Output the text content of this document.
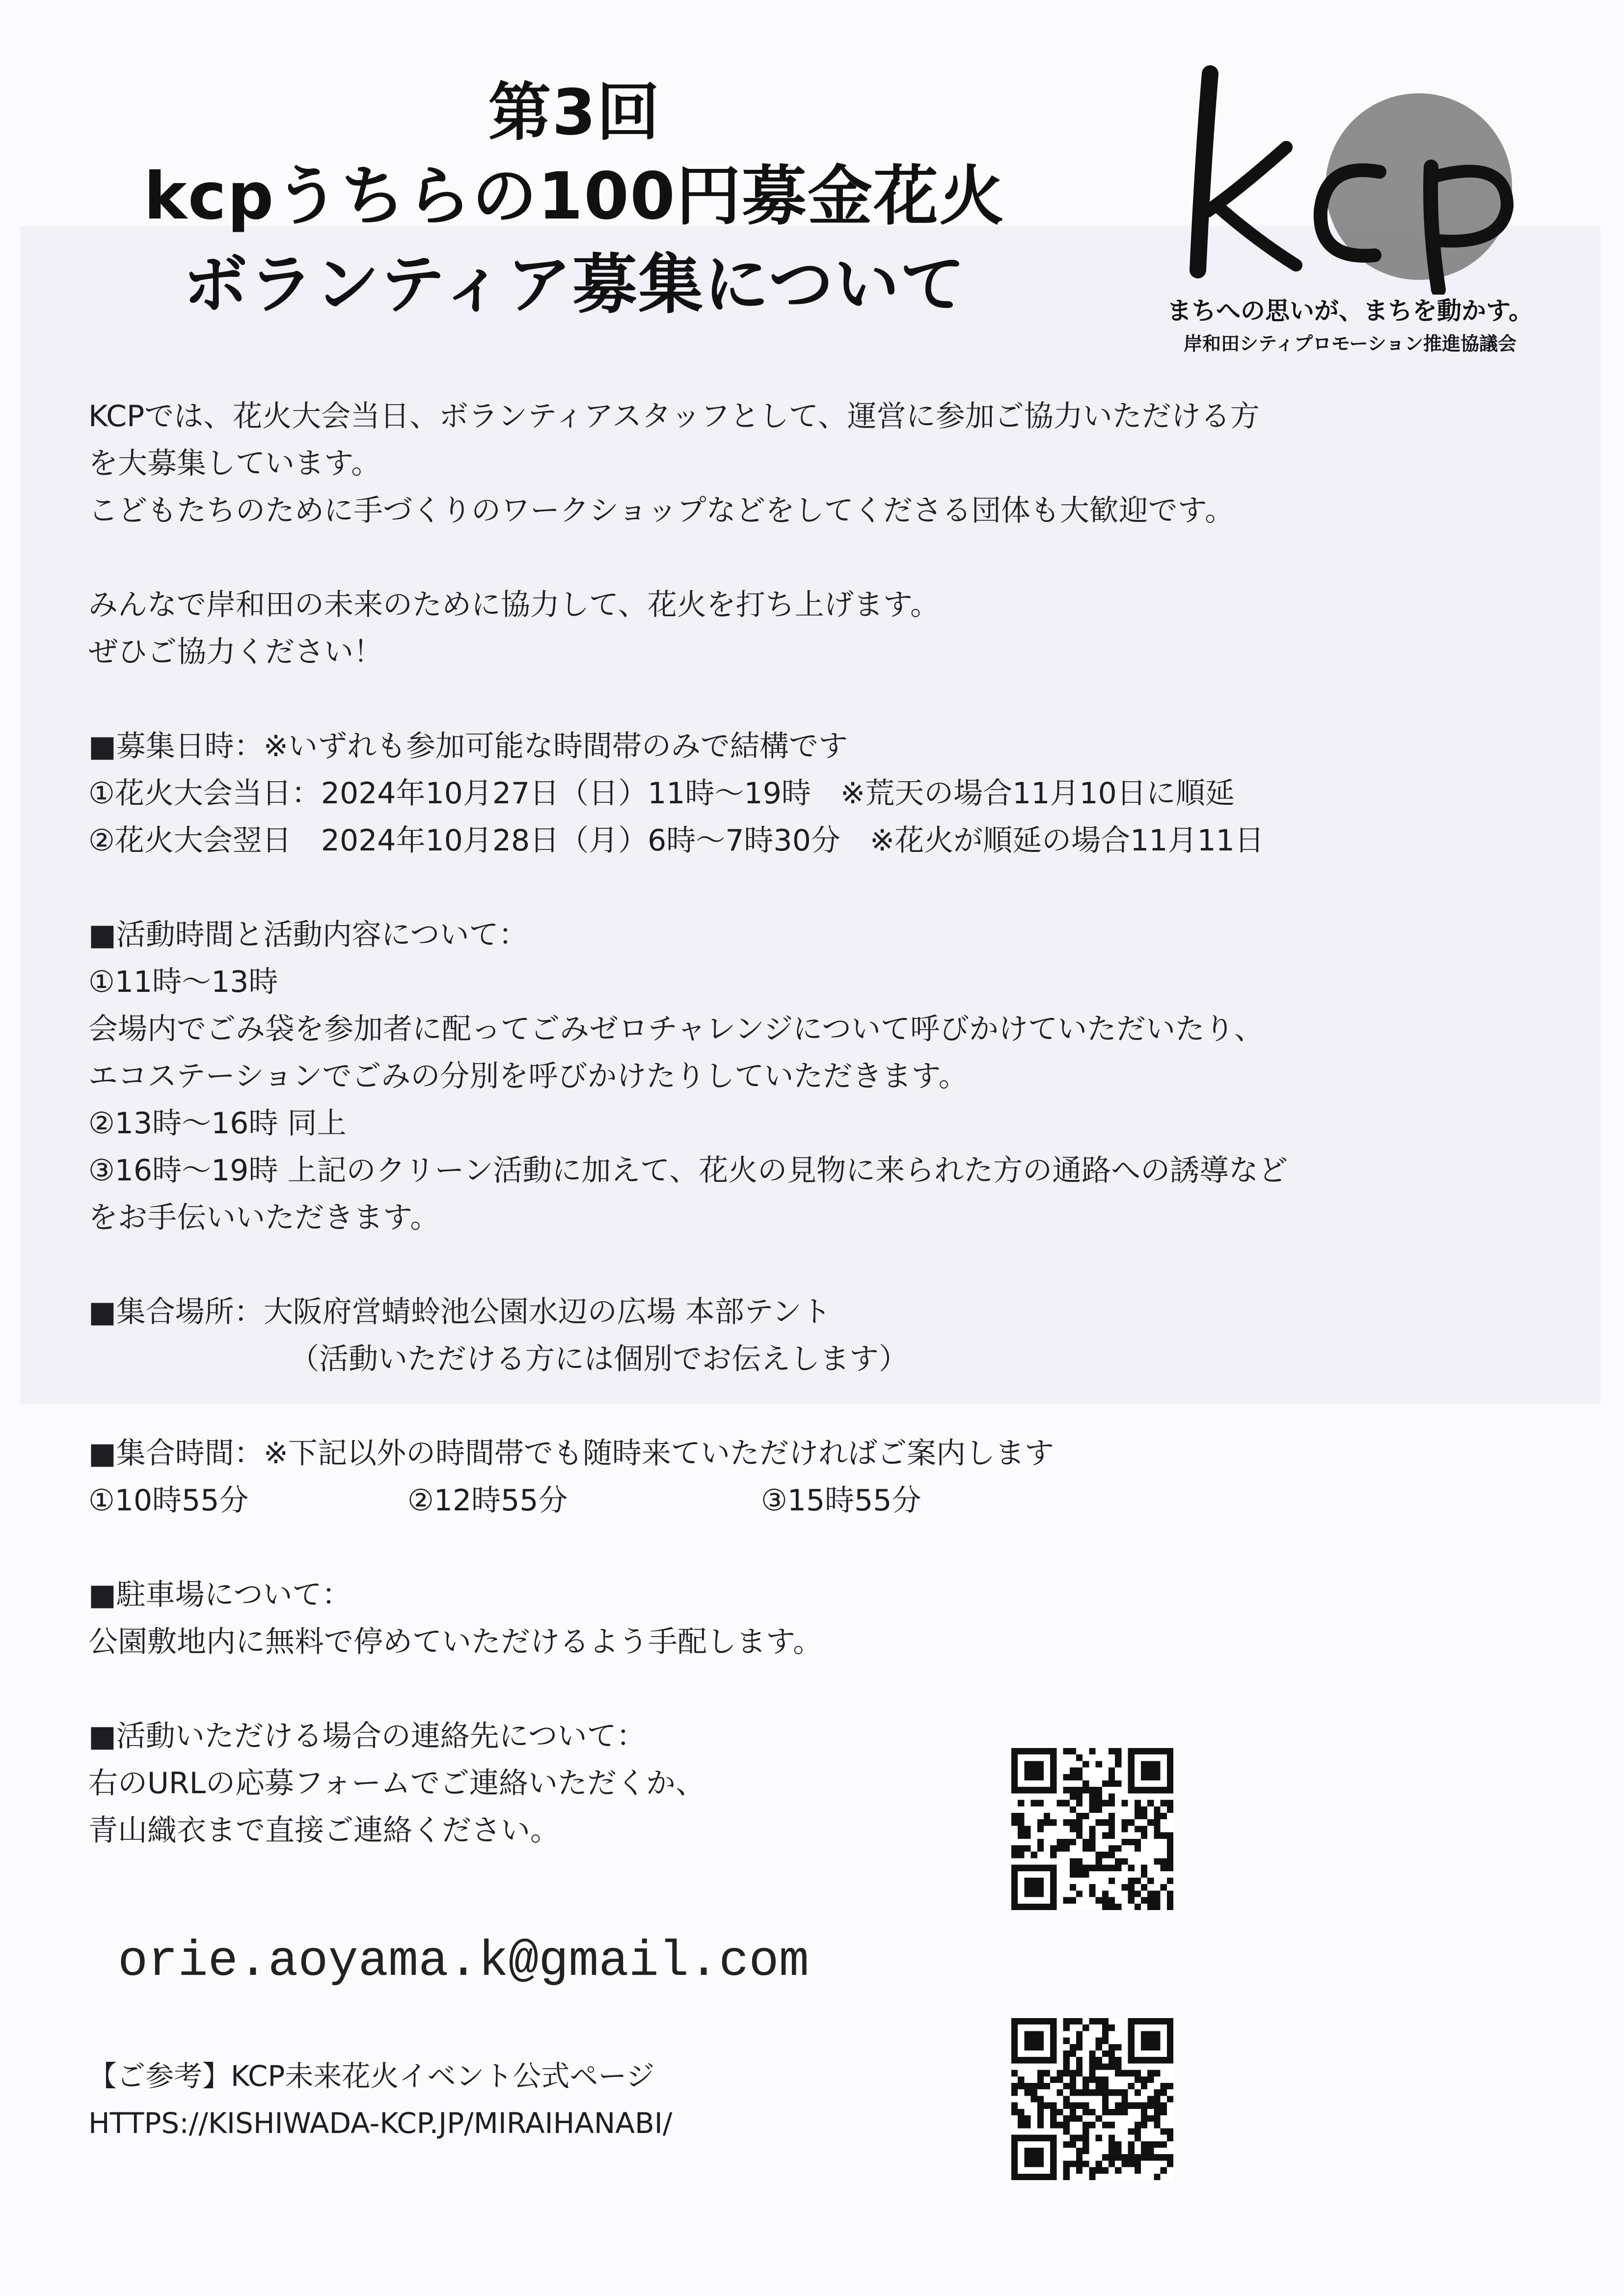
第3回
kcpうちらの100円募金花火
ボランティア募集について	まちへの思いが、まちを動かす。
岸和田シティプロモーション推進協議会
KCPでは、花火大会当日、ボランティアスタッフとして、運営に参加ご協力いただける方
を大募集しています。
こどもたちのために手づくりのワークショップなどをしてくださる団体も大歓迎です。
みんなで岸和田の未来のために協力して、花火を打ち上げます。
ぜひご協力ください！
■募集日時：※いずれも参加可能な時間帯のみで結構です
①花火大会当日：2024年10月27日（日）11時～19時　※荒天の場合11月10日に順延
②花火大会翌日　2024年10月28日（月）6時～7時30分　※花火が順延の場合11月11日
■活動時間と活動内容について：
①11時～13時
会場内でごみ袋を参加者に配ってごみゼロチャレンジについて呼びかけていただいたり、
エコステーションでごみの分別を呼びかけたりしていただきます。
②13時～16時 同上
③16時～19時 上記のクリーン活動に加えて、花火の見物に来られた方の通路への誘導など
をお手伝いいただきます。
■集合場所：大阪府営蜻蛉池公園水辺の広場 本部テント
（活動いただける方には個別でお伝えします）
■集合時間：※下記以外の時間帯でも随時来ていただければご案内します
①10時55分	②12時55分	③15時55分
■駐車場について：
公園敷地内に無料で停めていただけるよう手配します。
■活動いただける場合の連絡先について：
右のURLの応募フォームでご連絡いただくか、
青山織衣まで直接ご連絡ください。
orie.aoyama.k@gmail.com
【ご参考】KCP未来花火イベント公式ページ
HTTPS://KISHIWADA-KCP.JP/MIRAIHANABI/
